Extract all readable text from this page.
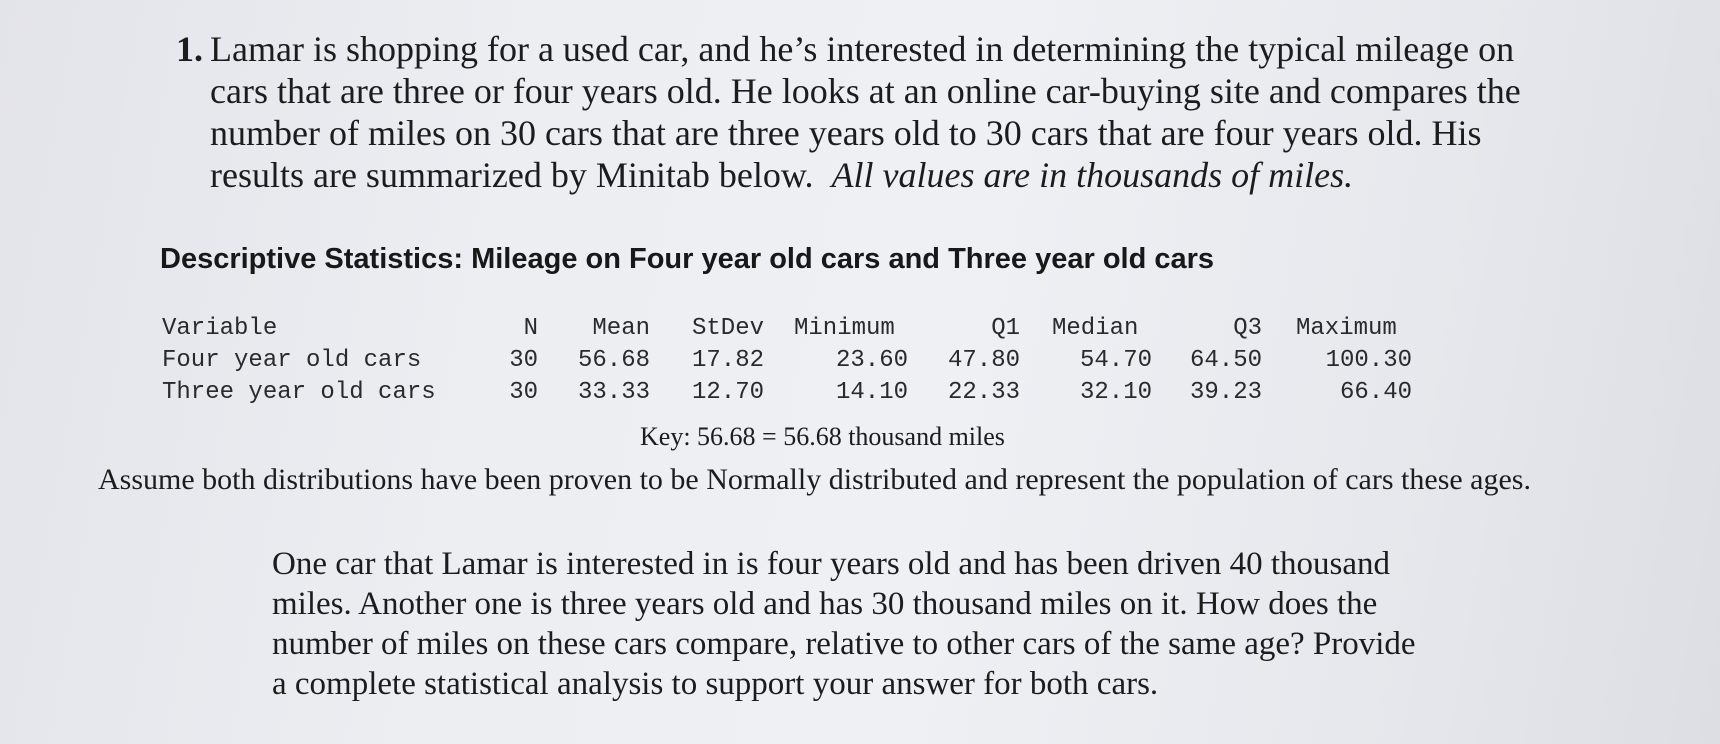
1. Lamar is shopping for a used car, and he’s interested in determining the typical mileage on

cars that are three or four years old. He looks at an online car-buying site and compares the

number of miles on 30 cars that are three years old to 30 cars that are four years old. His

results are summarized by Minitab below. All values are in thousands of miles.

Descriptive Statistics: Mileage on Four year old cars and Three year old cars

Variable	N	Mean	StDev Minimum	Q1 Median	Q3 Maximum
Four year old cars	30	56.68	17.82	23.60	47.80	54.70	64.50	100.30
Three year old cars	30	33.33	12.70	14.10	22.33	32.10	39.23	66.40

Key: 56.68 = 56.68 thousand miles

Assume both distributions have been proven to be Normally distributed and represent the population of cars these ages.

One car that Lamar is interested in is four years old and has been driven 40 thousand

miles. Another one is three years old and has 30 thousand miles on it. How does the

number of miles on these cars compare, relative to other cars of the same age? Provide

a complete statistical analysis to support your answer for both cars.
